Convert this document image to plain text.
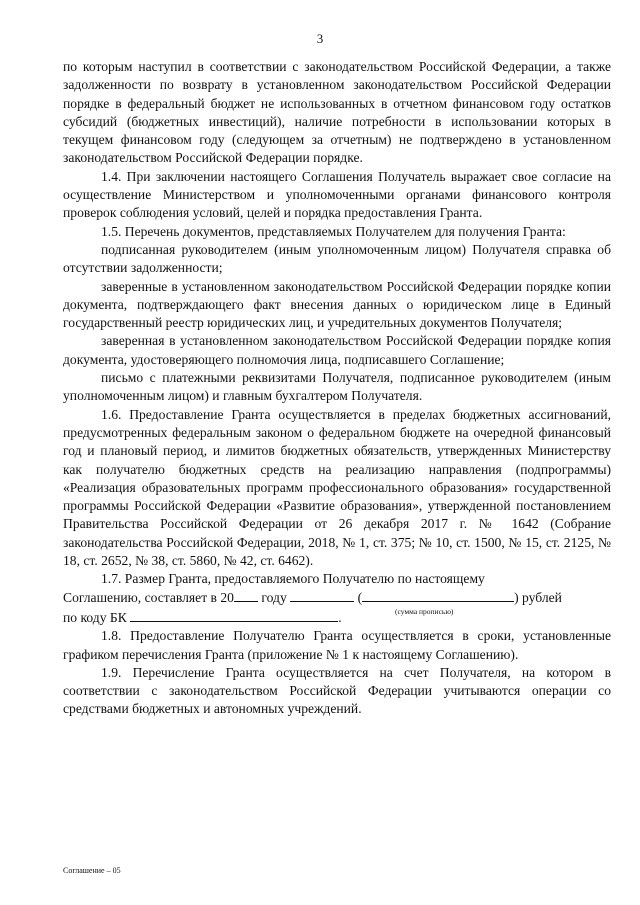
3

по которым наступил в соответствии с законодательством Российской Федерации, а также задолженности по возврату в установленном законодательством Российской Федерации порядке в федеральный бюджет не использованных в отчетном финансовом году остатков субсидий (бюджетных инвестиций), наличие потребности в использовании которых в текущем финансовом году (следующем за отчетным) не подтверждено в установленном законодательством Российской Федерации порядке.

1.4. При заключении настоящего Соглашения Получатель выражает свое согласие на осуществление Министерством и уполномоченными органами финансового контроля проверок соблюдения условий, целей и порядка предоставления Гранта.

1.5. Перечень документов, представляемых Получателем для получения Гранта:

подписанная руководителем (иным уполномоченным лицом) Получателя справка об отсутствии задолженности;

заверенные в установленном законодательством Российской Федерации порядке копии документа, подтверждающего факт внесения данных о юридическом лице в Единый государственный реестр юридических лиц, и учредительных документов Получателя;

заверенная в установленном законодательством Российской Федерации порядке копия документа, удостоверяющего полномочия лица, подписавшего Соглашение;

письмо с платежными реквизитами Получателя, подписанное руководителем (иным уполномоченным лицом) и главным бухгалтером Получателя.

1.6. Предоставление Гранта осуществляется в пределах бюджетных ассигнований, предусмотренных федеральным законом о федеральном бюджете на очередной финансовый год и плановый период, и лимитов бюджетных обязательств, утвержденных Министерству как получателю бюджетных средств на реализацию направления (подпрограммы) «Реализация образовательных программ профессионального образования» государственной программы Российской Федерации «Развитие образования», утвержденной постановлением Правительства Российской Федерации от 26 декабря 2017 г. № 1642 (Собрание законодательства Российской Федерации, 2018, № 1, ст. 375; № 10, ст. 1500, № 15, ст. 2125, № 18, ст. 2652, № 38, ст. 5860, № 42, ст. 6462).

1.7. Размер Гранта, предоставляемого Получателю по настоящему

Соглашению, составляет в 20 году	(	) рублей
(сумма прописью)
по коду БК	.

1.8. Предоставление Получателю Гранта осуществляется в сроки, установленные графиком перечисления Гранта (приложение № 1 к настоящему Соглашению).

1.9. Перечисление Гранта осуществляется на счет Получателя, на котором в соответствии с законодательством Российской Федерации учитываются операции со средствами бюджетных и автономных учреждений.

Соглашение – 05
